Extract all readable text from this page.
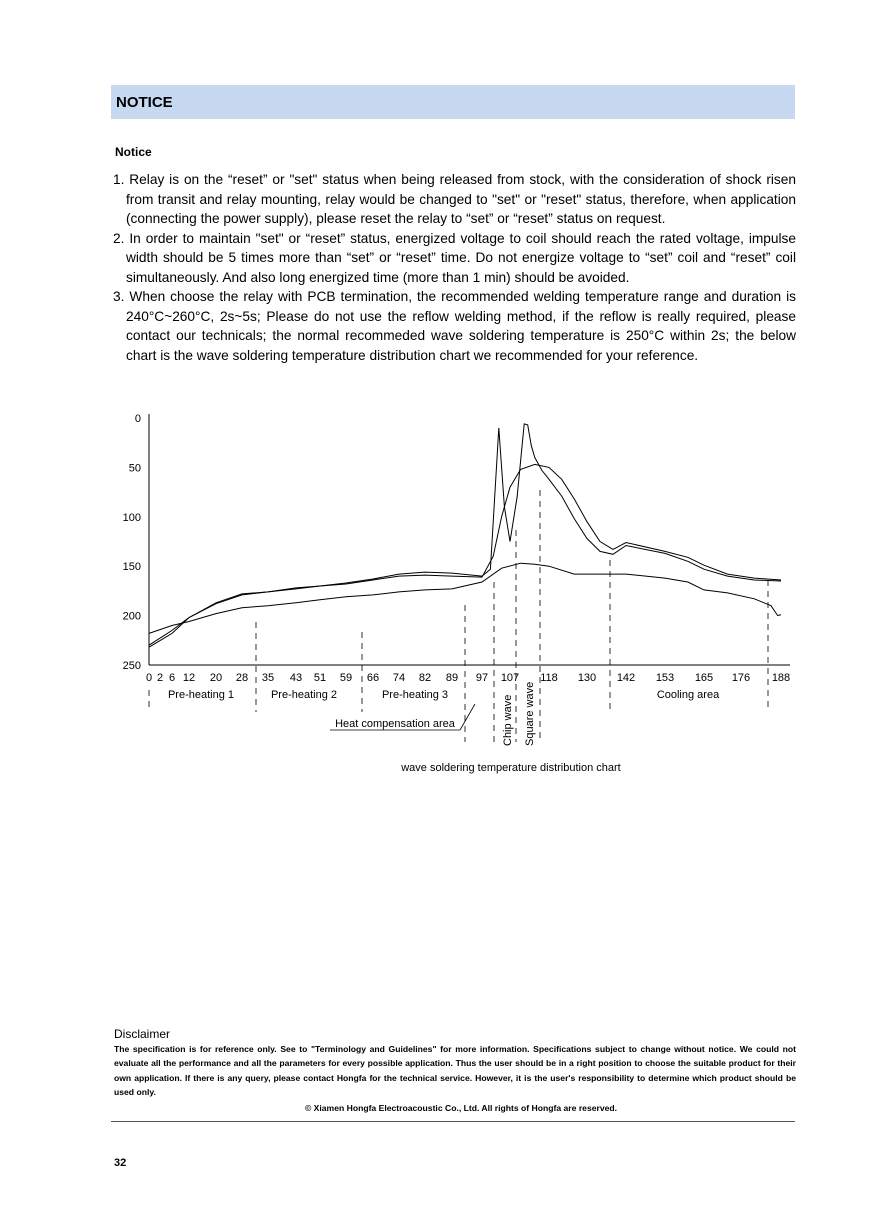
NOTICE
Notice
1. Relay is on the “reset” or "set" status when being released from stock, with the consideration of shock risen from transit and relay mounting, relay would be changed to "set" or "reset" status, therefore, when application (connecting the power supply), please reset the relay to “set” or “reset” status on request.
2. In order to maintain "set" or “reset” status, energized voltage to coil should reach the rated voltage, impulse width should be 5 times more than “set” or “reset” time. Do not energize voltage to “set” coil and “reset” coil simultaneously. And also long energized time (more than 1 min) should be avoided.
3. When choose the relay with PCB termination, the recommended welding temperature range and duration is 240°C~260°C, 2s~5s; Please do not use the reflow welding method, if the reflow is really required, please contact our technicals; the normal recommeded wave soldering temperature is 250°C within 2s; the below chart is the wave soldering temperature distribution chart we recommended for your reference.
250
200
150
100
50
0
0 2 6 12 20 28 35 43 51 59 66 74 82 89 97 107 118 130 142 153 165 176 188
Pre-heating 1	Pre-heating 2	Pre-heating 3	Cooling area
Heat compensation area	Chip wave Square wave
wave soldering temperature distribution chart
Disclaimer
The specification is for reference only. See to "Terminology and Guidelines" for more information. Specifications subject to change without notice. We could not evaluate all the performance and all the parameters for every possible application. Thus the user should be in a right position to choose the suitable product for their own application. If there is any query, please contact Hongfa for the technical service. However, it is the user's responsibility to determine which product should be used only.
© Xiamen Hongfa Electroacoustic Co., Ltd. All rights of Hongfa are reserved.
32
